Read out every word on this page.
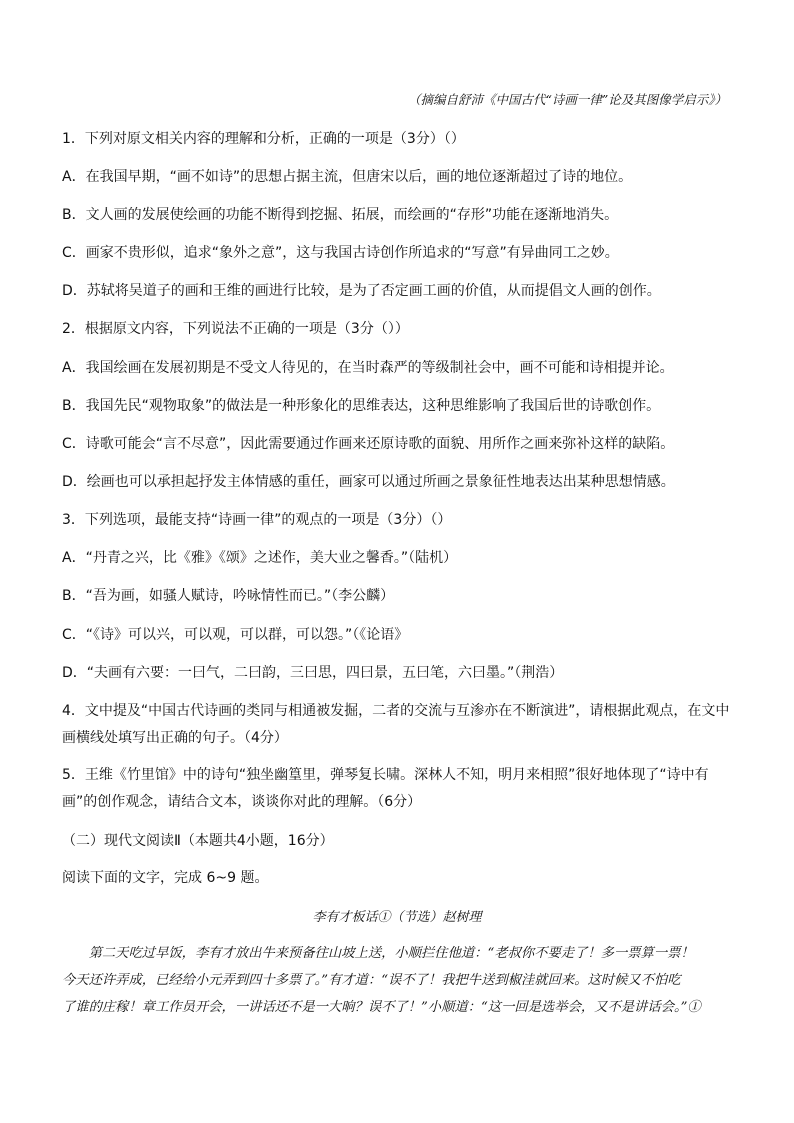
（摘编自舒沛《中国古代“诗画一律”论及其图像学启示》）
1．下列对原文相关内容的理解和分析，正确的一项是（3分）（）
A．在我国早期，“画不如诗”的思想占据主流，但唐宋以后，画的地位逐渐超过了诗的地位。
B．文人画的发展使绘画的功能不断得到挖掘、拓展，而绘画的“存形”功能在逐渐地消失。
C．画家不贵形似，追求“象外之意”，这与我国古诗创作所追求的“写意”有异曲同工之妙。
D．苏轼将吴道子的画和王维的画进行比较，是为了否定画工画的价值，从而提倡文人画的创作。
2．根据原文内容，下列说法不正确的一项是（3分（））
A．我国绘画在发展初期是不受文人待见的，在当时森严的等级制社会中，画不可能和诗相提并论。
B．我国先民“观物取象”的做法是一种形象化的思维表达，这种思维影响了我国后世的诗歌创作。
C．诗歌可能会“言不尽意”，因此需要通过作画来还原诗歌的面貌、用所作之画来弥补这样的缺陷。
D．绘画也可以承担起抒发主体情感的重任，画家可以通过所画之景象征性地表达出某种思想情感。
3．下列选项，最能支持“诗画一律”的观点的一项是（3分）（）
A．“丹青之兴，比《雅》《颂》之述作，美大业之馨香。”（陆机）
B．“吾为画，如骚人赋诗，吟咏情性而已。”（李公麟）
C．“《诗》可以兴，可以观，可以群，可以怨。”（《论语》
D．“夫画有六要：一曰气，二曰韵，三曰思，四曰景，五曰笔，六曰墨。”（荆浩）
4．文中提及“中国古代诗画的类同与相通被发掘，二者的交流与互渗亦在不断演进”，请根据此观点，在文中
画横线处填写出正确的句子。（4分）
5．王维《竹里馆》中的诗句“独坐幽篁里，弹琴复长啸。深林人不知，明月来相照”很好地体现了“诗中有
画”的创作观念，请结合文本，谈谈你对此的理解。（6分）
（二）现代文阅读Ⅱ（本题共4小题，16分）
阅读下面的文字，完成 6~9 题。
李有才板话①（节选）赵树理
第二天吃过早饭，李有才放出牛来预备往山坡上送，小顺拦住他道：“老叔你不要走了！多一票算一票！
今天还许弄成，已经给小元弄到四十多票了。”有才道：“误不了！我把牛送到椒洼就回来。这时候又不怕吃
了谁的庄稼！章工作员开会，一讲话还不是一大晌？误不了！”小顺道：“这一回是选举会，又不是讲话会。”①
